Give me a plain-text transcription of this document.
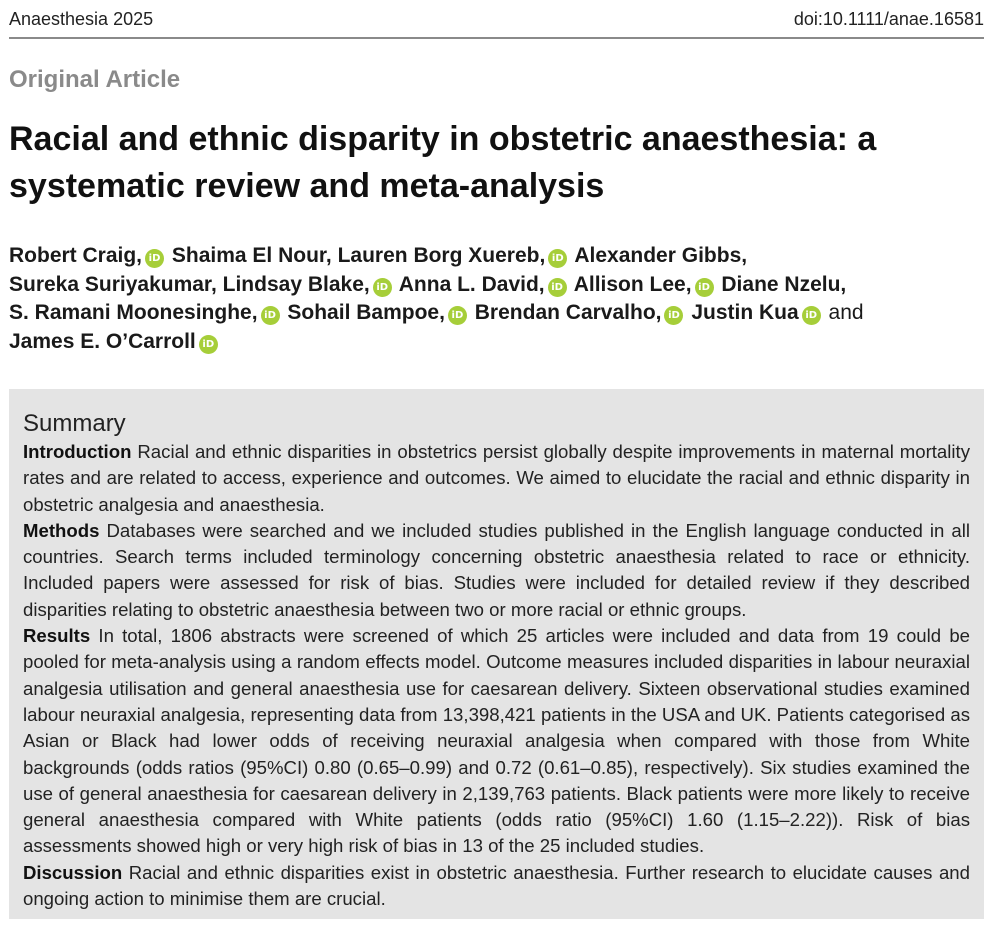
Anaesthesia 2025	doi:10.1111/anae.16581
Original Article
Racial and ethnic disparity in obstetric anaesthesia: a systematic review and meta-analysis
Robert Craig, iD Shaima El Nour, Lauren Borg Xuereb, iD Alexander Gibbs,
Sureka Suriyakumar, Lindsay Blake, iD Anna L. David, iD Allison Lee, iD Diane Nzelu,
S. Ramani Moonesinghe, iD Sohail Bampoe, iD Brendan Carvalho, iD Justin Kua iD and
James E. O’Carroll iD
Summary

Introduction Racial and ethnic disparities in obstetrics persist globally despite improvements in maternal mortality rates and are related to access, experience and outcomes. We aimed to elucidate the racial and ethnic disparity in obstetric analgesia and anaesthesia.

Methods Databases were searched and we included studies published in the English language conducted in all countries. Search terms included terminology concerning obstetric anaesthesia related to race or ethnicity. Included papers were assessed for risk of bias. Studies were included for detailed review if they described disparities relating to obstetric anaesthesia between two or more racial or ethnic groups.

Results In total, 1806 abstracts were screened of which 25 articles were included and data from 19 could be pooled for meta-analysis using a random effects model. Outcome measures included disparities in labour neuraxial analgesia utilisation and general anaesthesia use for caesarean delivery. Sixteen observational studies examined labour neuraxial analgesia, representing data from 13,398,421 patients in the USA and UK. Patients categorised as Asian or Black had lower odds of receiving neuraxial analgesia when compared with those from White backgrounds (odds ratios (95%CI) 0.80 (0.65–0.99) and 0.72 (0.61–0.85), respectively). Six studies examined the use of general anaesthesia for caesarean delivery in 2,139,763 patients. Black patients were more likely to receive general anaesthesia compared with White patients (odds ratio (95%CI) 1.60 (1.15–2.22)). Risk of bias assessments showed high or very high risk of bias in 13 of the 25 included studies.

Discussion Racial and ethnic disparities exist in obstetric anaesthesia. Further research to elucidate causes and ongoing action to minimise them are crucial.
